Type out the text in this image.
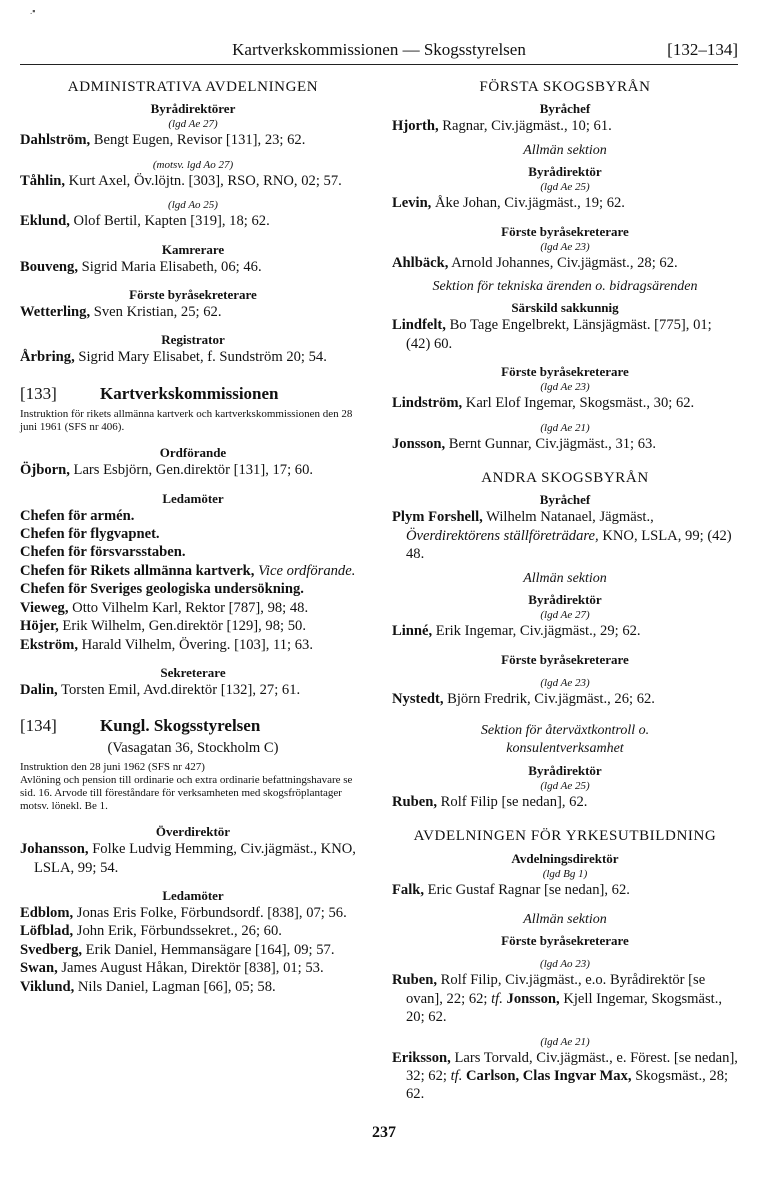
.▪
Kartverkskommissionen — Skogsstyrelsen	[132–134]
ADMINISTRATIVA AVDELNINGEN
Byrådirektörer
(lgd Ae 27)

Dahlström, Bengt Eugen, Revisor [131], 23; 62.

(motsv. lgd Ao 27)

Tåhlin, Kurt Axel, Öv.löjtn. [303], RSO, RNO, 02; 57.

(lgd Ao 25)

Eklund, Olof Bertil, Kapten [319], 18; 62.

Kamrerare

Bouveng, Sigrid Maria Elisabeth, 06; 46.

Förste byråsekreterare

Wetterling, Sven Kristian, 25; 62.

Registrator

Årbring, Sigrid Mary Elisabet, f. Sundström 20; 54.

[133]	Kartverkskommissionen
Instruktion för rikets allmänna kartverk och kartverkskommissionen den 28 juni 1961 (SFS nr 406).
Ordförande

Öjborn, Lars Esbjörn, Gen.direktör [131], 17; 60.

Ledamöter

Chefen för armén.

Chefen för flygvapnet.

Chefen för försvarsstaben.

Chefen för Rikets allmänna kartverk, Vice ordförande.

Chefen för Sveriges geologiska undersökning.

Vieweg, Otto Vilhelm Karl, Rektor [787], 98; 48.

Höjer, Erik Wilhelm, Gen.direktör [129], 98; 50.

Ekström, Harald Vilhelm, Övering. [103], 11; 63.

Sekreterare

Dalin, Torsten Emil, Avd.direktör [132], 27; 61.

[134]	Kungl. Skogsstyrelsen
(Vasagatan 36, Stockholm C)
Instruktion den 28 juni 1962 (SFS nr 427)
Avlöning och pension till ordinarie och extra ordinarie befattningshavare se sid. 16. Arvode till föreståndare för verksamheten med skogsfröplantager motsv. lönekl. Be 1.
Överdirektör

Johansson, Folke Ludvig Hemming, Civ.jägmäst., KNO, LSLA, 99; 54.

Ledamöter

Edblom, Jonas Eris Folke, Förbundsordf. [838], 07; 56.

Löfblad, John Erik, Förbundssekret., 26; 60.

Svedberg, Erik Daniel, Hemmansägare [164], 09; 57.

Swan, James August Håkan, Direktör [838], 01; 53.

Viklund, Nils Daniel, Lagman [66], 05; 58.

FÖRSTA SKOGSBYRÅN
Byråchef

Hjorth, Ragnar, Civ.jägmäst., 10; 61.

Allmän sektion
Byrådirektör
(lgd Ae 25)

Levin, Åke Johan, Civ.jägmäst., 19; 62.

Förste byråsekreterare
(lgd Ae 23)

Ahlbäck, Arnold Johannes, Civ.jägmäst., 28; 62.

Sektion för tekniska ärenden o. bidragsärenden
Särskild sakkunnig

Lindfelt, Bo Tage Engelbrekt, Länsjägmäst. [775], 01; (42) 60.

Förste byråsekreterare
(lgd Ae 23)

Lindström, Karl Elof Ingemar, Skogsmäst., 30; 62.

(lgd Ae 21)

Jonsson, Bernt Gunnar, Civ.jägmäst., 31; 63.

ANDRA SKOGSBYRÅN
Byråchef

Plym Forshell, Wilhelm Natanael, Jägmäst., Överdirektörens ställföreträdare, KNO, LSLA, 99; (42) 48.

Allmän sektion
Byrådirektör
(lgd Ae 27)

Linné, Erik Ingemar, Civ.jägmäst., 29; 62.

Förste byråsekreterare
(lgd Ae 23)

Nystedt, Björn Fredrik, Civ.jägmäst., 26; 62.

Sektion för återväxtkontroll o. konsulentverksamhet
Byrådirektör
(lgd Ae 25)

Ruben, Rolf Filip [se nedan], 62.

AVDELNINGEN FÖR YRKESUTBILDNING
Avdelningsdirektör
(lgd Bg 1)

Falk, Eric Gustaf Ragnar [se nedan], 62.

Allmän sektion
Förste byråsekreterare
(lgd Ao 23)

Ruben, Rolf Filip, Civ.jägmäst., e.o. Byrådirektör [se ovan], 22; 62; tf. Jonsson, Kjell Ingemar, Skogsmäst., 20; 62.

(lgd Ae 21)

Eriksson, Lars Torvald, Civ.jägmäst., e. Förest. [se nedan], 32; 62; tf. Carlson, Clas Ingvar Max, Skogsmäst., 28; 62.

237
